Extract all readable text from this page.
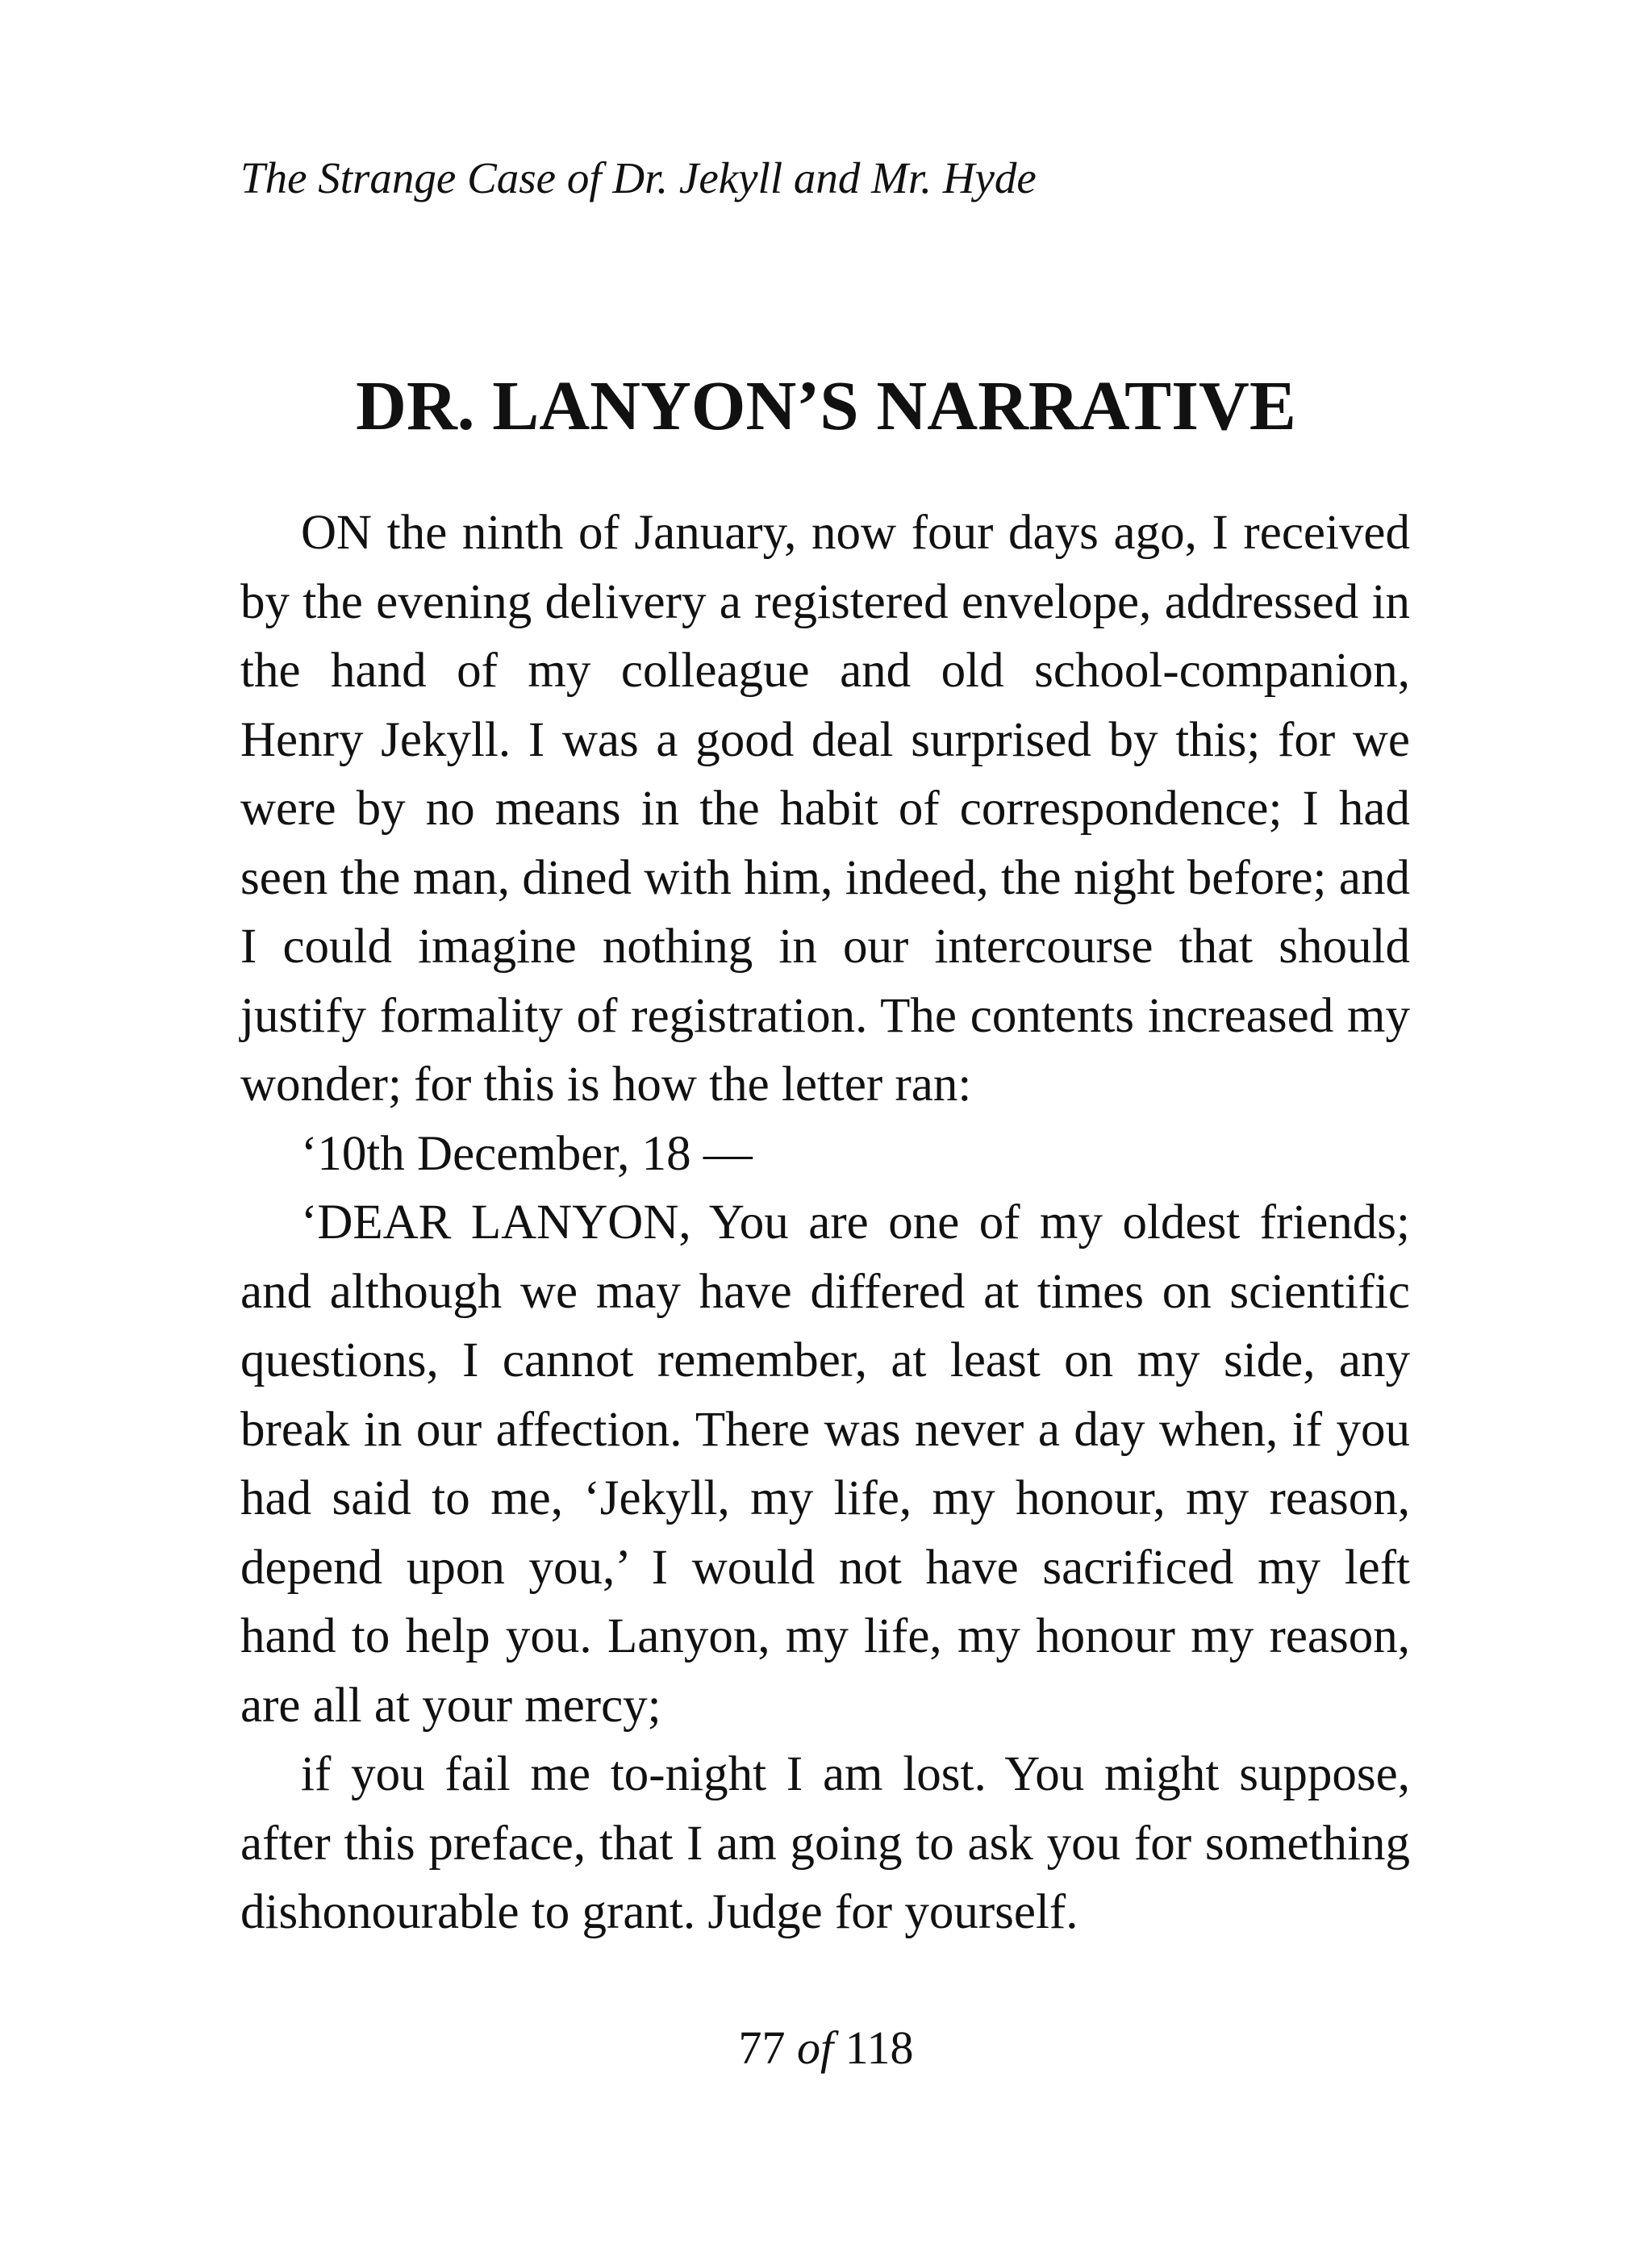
The Strange Case of Dr. Jekyll and Mr. Hyde
DR. LANYON’S NARRATIVE

ON the ninth of January, now four days ago, I received by the evening delivery a registered envelope, addressed in the hand of my colleague and old school-companion, Henry Jekyll. I was a good deal surprised by this; for we were by no means in the habit of correspondence; I had seen the man, dined with him, indeed, the night before; and I could imagine nothing in our intercourse that should justify formality of registration. The contents increased my wonder; for this is how the letter ran:

‘10th December, 18 —

‘DEAR LANYON, You are one of my oldest friends; and although we may have differed at times on scientific questions, I cannot remember, at least on my side, any break in our affection. There was never a day when, if you had said to me, ‘Jekyll, my life, my honour, my reason, depend upon you,’ I would not have sacrificed my left hand to help you. Lanyon, my life, my honour my reason, are all at your mercy;

if you fail me to-night I am lost. You might suppose, after this preface, that I am going to ask you for something dishonourable to grant. Judge for yourself.

77 of 118
